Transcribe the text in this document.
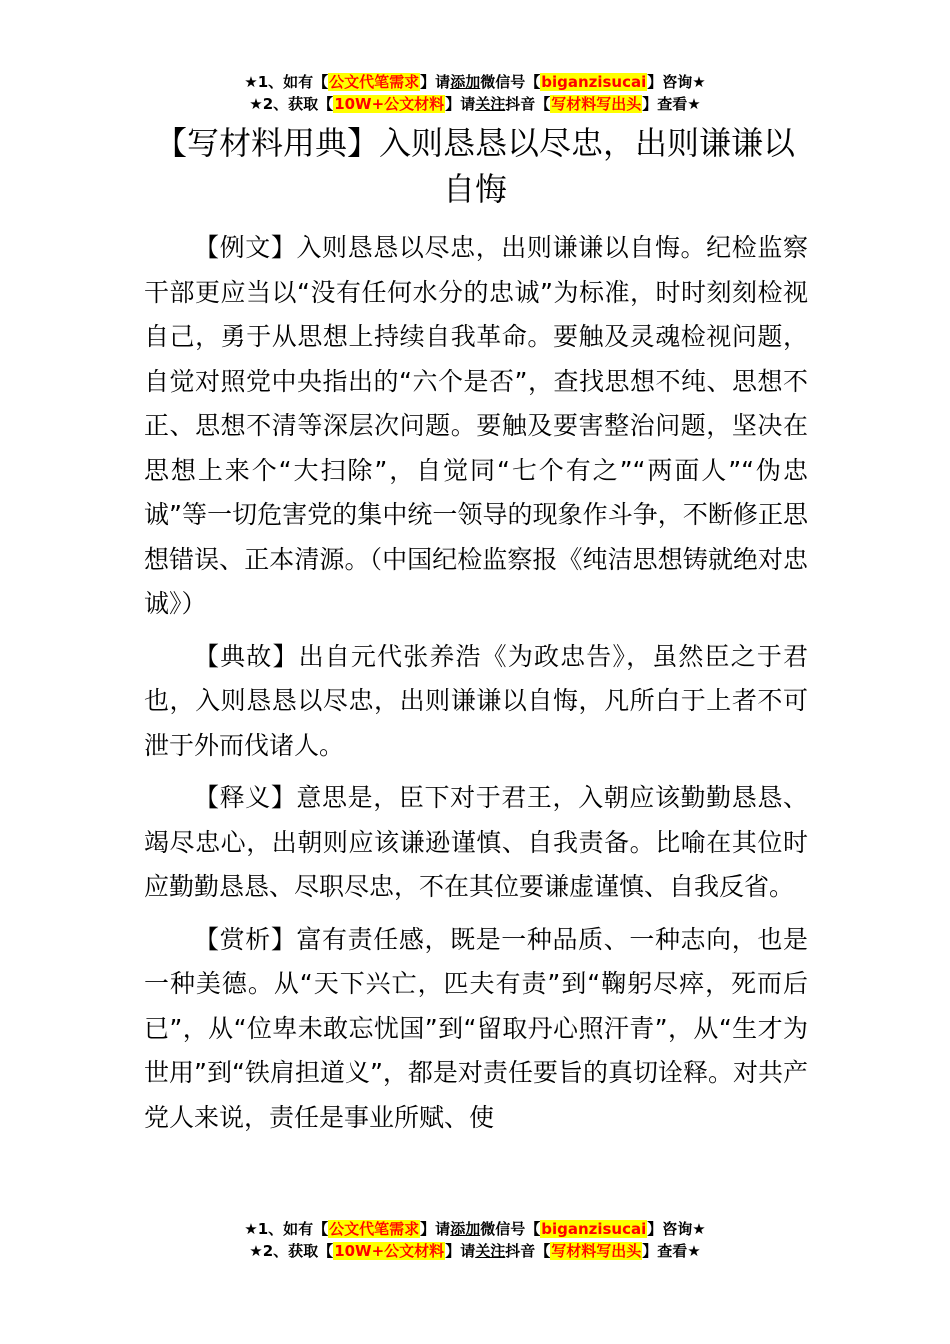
★1、如有【公文代笔需求】请添加微信号【biganzisucai】咨询★
★2、获取【10W+公文材料】请关注抖音【写材料写出头】查看★
【写材料用典】入则恳恳以尽忠，出则谦谦以自悔

【例文】入则恳恳以尽忠，出则谦谦以自悔。纪检监察干部更应当以“没有任何水分的忠诚”为标准，时时刻刻检视自己，勇于从思想上持续自我革命。要触及灵魂检视问题，自觉对照党中央指出的“六个是否”，查找思想不纯、思想不正、思想不清等深层次问题。要触及要害整治问题，坚决在思想上来个“大扫除”，自觉同“七个有之”“两面人”“伪忠诚”等一切危害党的集中统一领导的现象作斗争，不断修正思想错误、正本清源。（中国纪检监察报《纯洁思想铸就绝对忠诚》）

【典故】出自元代张养浩《为政忠告》，虽然臣之于君也，入则恳恳以尽忠，出则谦谦以自悔，凡所白于上者不可泄于外而伐诸人。

【释义】意思是，臣下对于君王，入朝应该勤勤恳恳、竭尽忠心，出朝则应该谦逊谨慎、自我责备。比喻在其位时应勤勤恳恳、尽职尽忠，不在其位要谦虚谨慎、自我反省。

【赏析】富有责任感，既是一种品质、一种志向，也是一种美德。从“天下兴亡，匹夫有责”到“鞠躬尽瘁，死而后已”，从“位卑未敢忘忧国”到“留取丹心照汗青”，从“生才为世用”到“铁肩担道义”，都是对责任要旨的真切诠释。对共产党人来说，责任是事业所赋、使

★1、如有【公文代笔需求】请添加微信号【biganzisucai】咨询★
★2、获取【10W+公文材料】请关注抖音【写材料写出头】查看★
